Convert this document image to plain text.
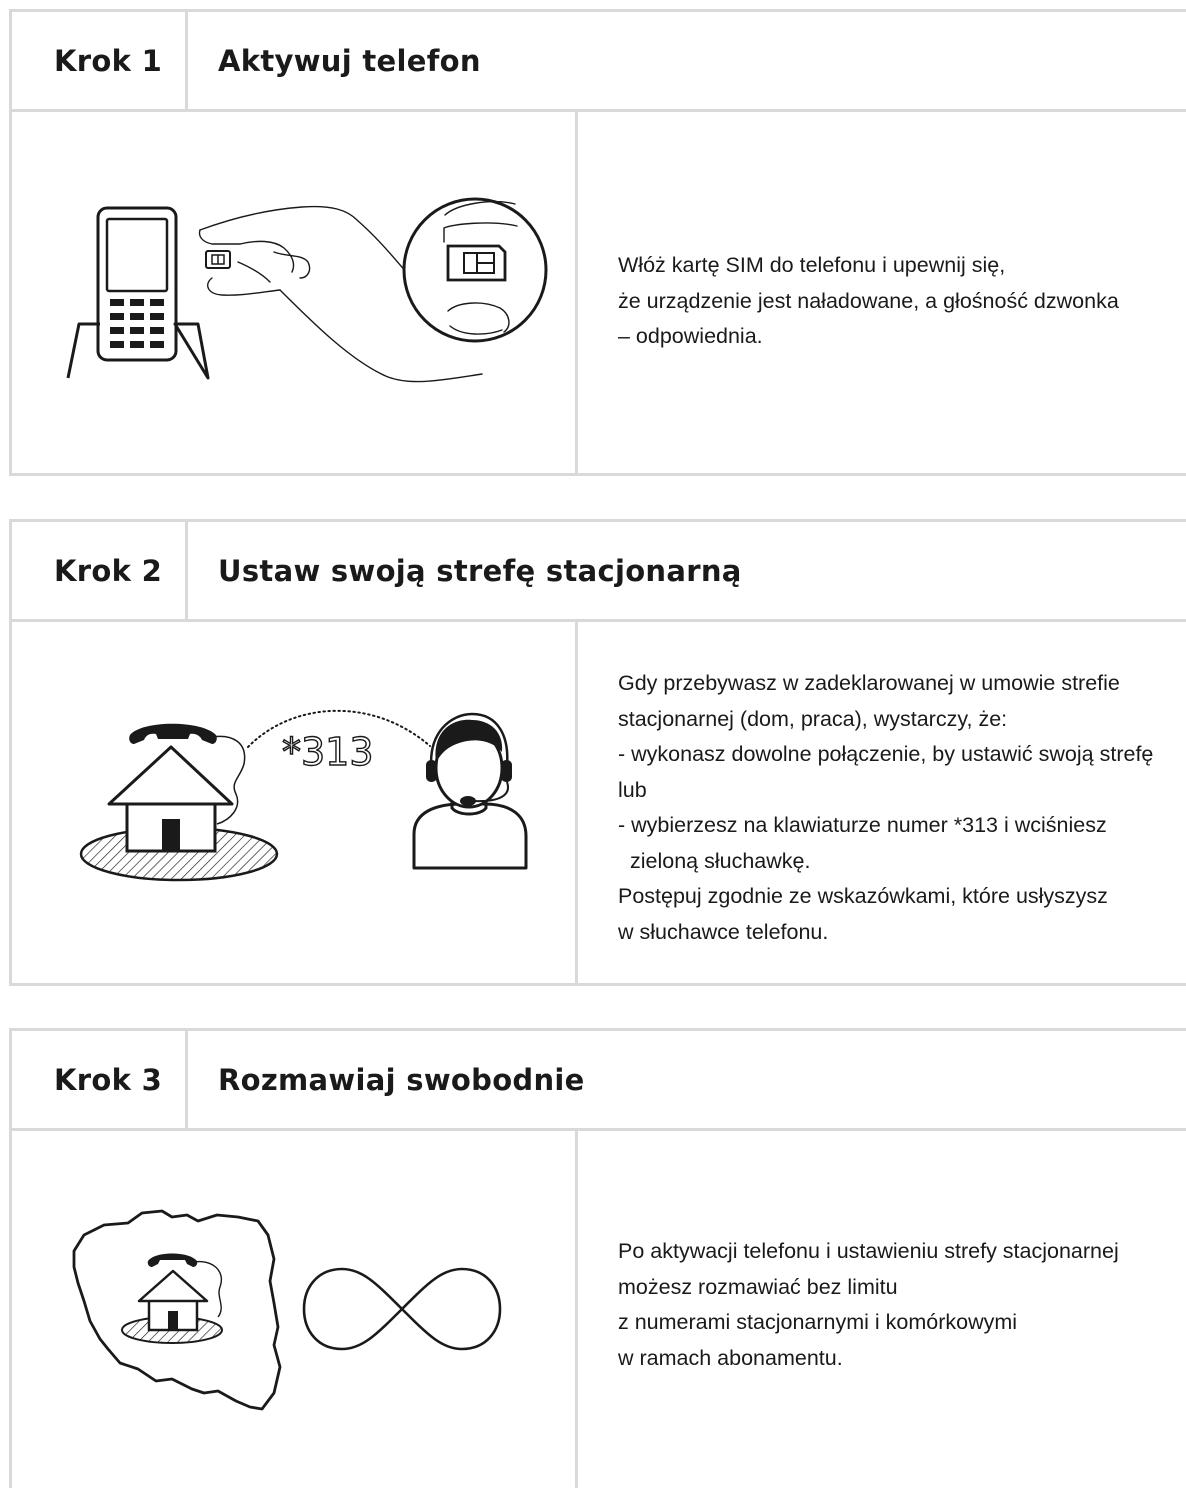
Krok 1	Aktywuj telefon
Włóż kartę SIM do telefonu i upewnij się,
że urządzenie jest naładowane, a głośność dzwonka
– odpowiednia.
Krok 2	Ustaw swoją strefę stacjonarną
*313
Gdy przebywasz w zadeklarowanej w umowie strefie
stacjonarnej (dom, praca), wystarczy, że:
- wykonasz dowolne połączenie, by ustawić swoją strefę
lub
- wybierzesz na klawiaturze numer *313 i wciśniesz
zieloną słuchawkę.
Postępuj zgodnie ze wskazówkami, które usłyszysz
w słuchawce telefonu.
Krok 3	Rozmawiaj swobodnie
Po aktywacji telefonu i ustawieniu strefy stacjonarnej
możesz rozmawiać bez limitu
z numerami stacjonarnymi i komórkowymi
w ramach abonamentu.
